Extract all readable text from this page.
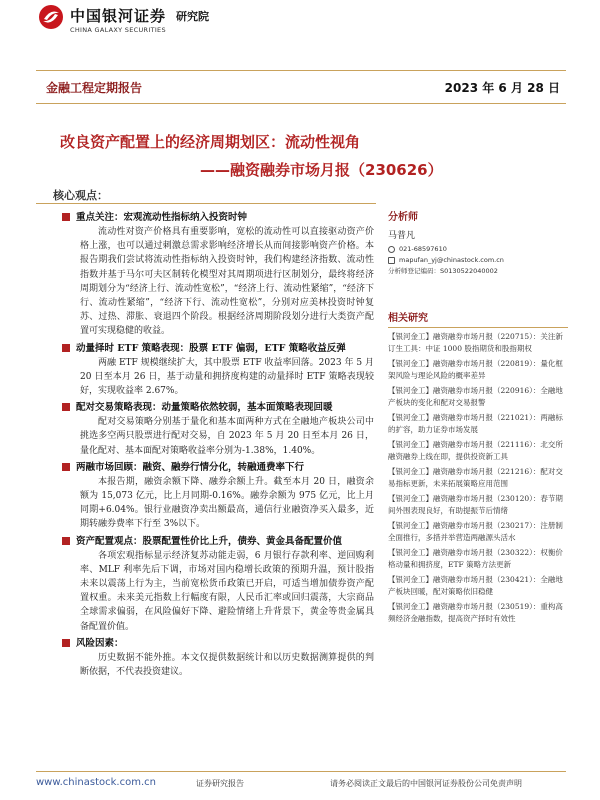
中国银河证券
CHINA GALAXY SECURITIES
研究院
金融工程定期报告	2023 年 6 月 28 日
改良资产配置上的经济周期划区：流动性视角
——融资融券市场月报（230626）
核心观点：
重点关注：宏观流动性指标纳入投资时钟

流动性对资产价格具有重要影响，宽松的流动性可以直接驱动资产价格上涨，也可以通过刺激总需求影响经济增长从而间接影响资产价格。本报告期我们尝试将流动性指标纳入投资时钟，我们构建经济指数、流动性指数并基于马尔可夫区制转化模型对其周期项进行区制划分，最终将经济周期划分为“经济上行、流动性宽松”，“经济上行、流动性紧缩”，“经济下行、流动性紧缩”，“经济下行、流动性宽松”，分别对应美林投资时钟复苏、过热、滞胀、衰退四个阶段。根据经济周期阶段划分进行大类资产配置可实现稳健的收益。

动量择时 ETF 策略表现：股票 ETF 偏弱，ETF 策略收益反弹

两融 ETF 规模继续扩大，其中股票 ETF 收益率回落。2023 年 5 月 20 日至本月 26 日，基于动量和拥挤度构建的动量择时 ETF 策略表现较好，实现收益率 2.67%。

配对交易策略表现：动量策略依然较弱，基本面策略表现回暖

配对交易策略分别基于量化和基本面两种方式在全融地产板块公司中挑选多空两只股票进行配对交易，自 2023 年 5 月 20 日至本月 26 日，量化配对、基本面配对策略收益率分别为-1.38%，1.40%。

两融市场回顾：融资、融券行情分化，转融通费率下行

本报告期，融资余额下降、融券余额上升。截至本月 20 日，融资余额为 15,073 亿元，比上月同期-0.16%。融券余额为 975 亿元，比上月同期+6.04%。银行业融资净卖出额最高，通信行业融资净买入最多，近期转融券费率下行至 3%以下。

资产配置观点：股票配置性价比上升，债券、黄金具备配置价值

各项宏观指标显示经济复苏动能走弱，6 月银行存款利率、逆回购利率、MLF 利率先后下调，市场对国内稳增长政策的预期升温，预计股指未来以震荡上行为主，当前宽松货币政策已开启，可适当增加债券资产配置权重。未来美元指数上行幅度有限，人民币汇率或回归震荡，大宗商品全球需求偏弱，在风险偏好下降、避险情绪上升背景下，黄金等贵金属具备配置价值。

风险因素：

历史数据不能外推。本文仅提供数据统计和以历史数据测算提供的判断依据，不代表投资建议。

分析师
马普凡
021-68597610
mapufan_yj@chinastock.com.cn
分析师登记编码：S0130522040002
相关研究
【银河金工】融资融券市场月报（220715）：关注新订生工具：中证 1000 股指期货和股指期权
【银河金工】融资融券市场月报（220819）：量化框架风险与理论风险的概率差异
【银河金工】融资融券市场月报（220916）：全融地产板块的变化和配对交易报警
【银河金工】融资融券市场月报（221021）：两融标的扩容，助力证券市场发展
【银河金工】融资融券市场月报（221116）：北交所融资融券上线在即，提供投资新工具
【银河金工】融资融券市场月报（221216）：配对交易指标更新，未来拓展策略应用范围
【银河金工】融资融券市场月报（230120）：春节期间外围表现良好，有助提振节后情绪
【银河金工】融资融券市场月报（230217）：注册制全面推行，多措并举营造两融源头活水
【银河金工】融资融券市场月报（230322）：权衡价格动量和拥挤度，ETF 策略方法更新
【银河金工】融资融券市场月报（230421）：全融地产板块回暖，配对策略依旧稳健
【银河金工】融资融券市场月报（230519）：重构高频经济金融指数，提高资产择时有效性
www.chinastock.com.cn	证券研究报告	请务必阅读正文最后的中国银河证券股份公司免责声明
